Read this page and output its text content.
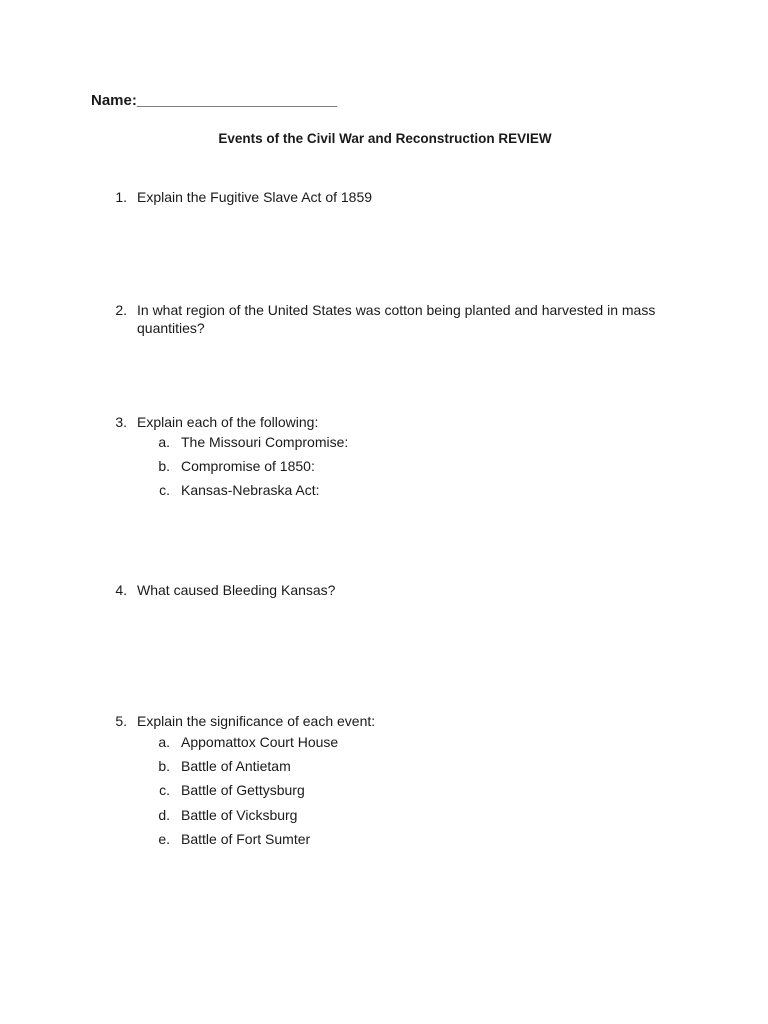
Name:________________________
Events of the Civil War and Reconstruction REVIEW
1. Explain the Fugitive Slave Act of 1859
2. In what region of the United States was cotton being planted and harvested in mass quantities?
3. Explain each of the following:
a. The Missouri Compromise:
b. Compromise of 1850:
c. Kansas-Nebraska Act:
4. What caused Bleeding Kansas?
5. Explain the significance of each event:
a. Appomattox Court House
b. Battle of Antietam
c. Battle of Gettysburg
d. Battle of Vicksburg
e. Battle of Fort Sumter
